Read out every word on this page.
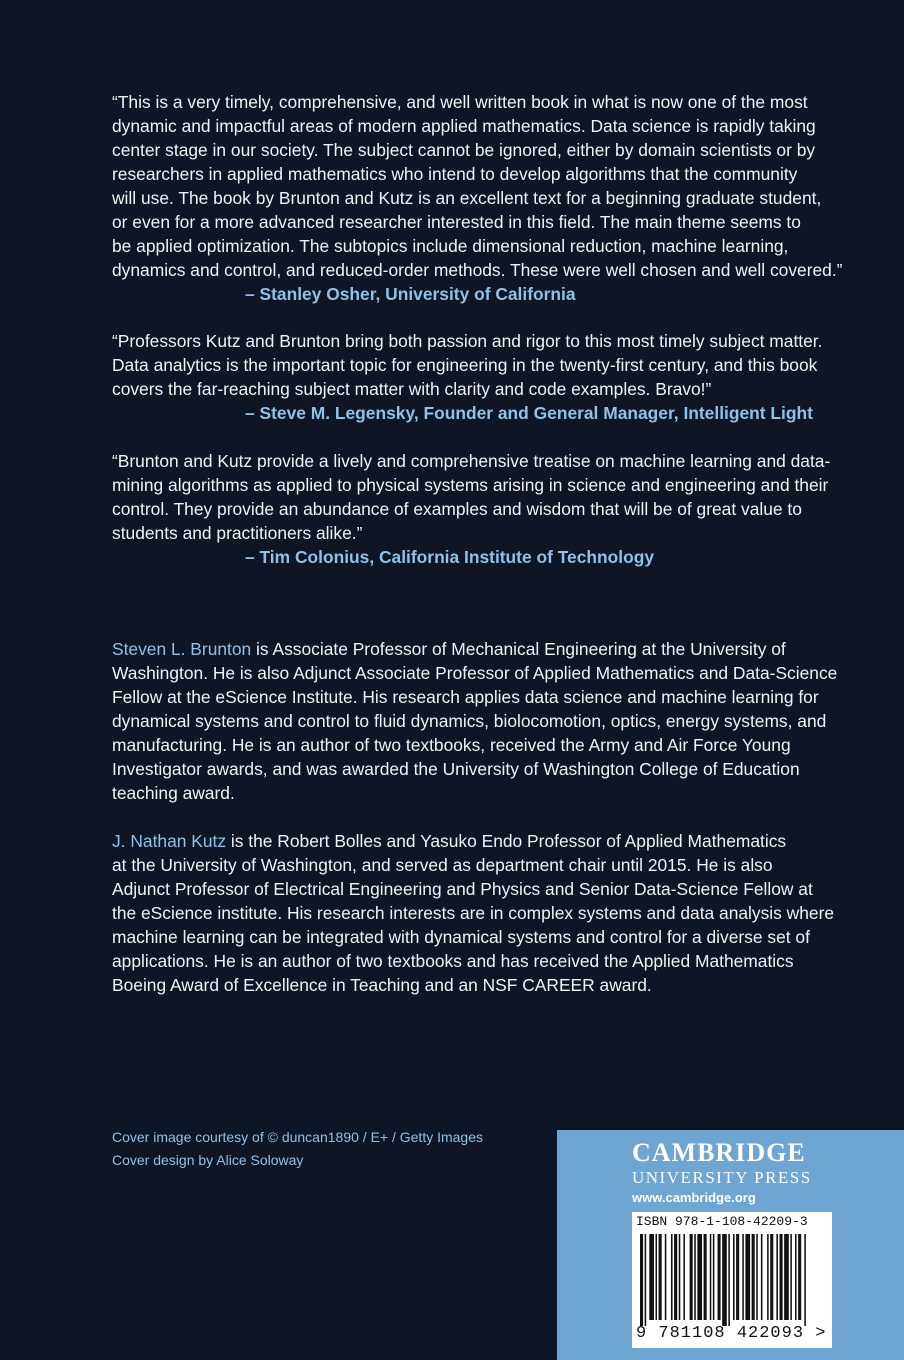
“This is a very timely, comprehensive, and well written book in what is now one of the most
dynamic and impactful areas of modern applied mathematics. Data science is rapidly taking
center stage in our society. The subject cannot be ignored, either by domain scientists or by
researchers in applied mathematics who intend to develop algorithms that the community
will use. The book by Brunton and Kutz is an excellent text for a beginning graduate student,
or even for a more advanced researcher interested in this field. The main theme seems to
be applied optimization. The subtopics include dimensional reduction, machine learning,
dynamics and control, and reduced-order methods. These were well chosen and well covered.”
– Stanley Osher, University of California
“Professors Kutz and Brunton bring both passion and rigor to this most timely subject matter.
Data analytics is the important topic for engineering in the twenty-first century, and this book
covers the far-reaching subject matter with clarity and code examples. Bravo!”
– Steve M. Legensky, Founder and General Manager, Intelligent Light
“Brunton and Kutz provide a lively and comprehensive treatise on machine learning and data-
mining algorithms as applied to physical systems arising in science and engineering and their
control. They provide an abundance of examples and wisdom that will be of great value to
students and practitioners alike.”
– Tim Colonius, California Institute of Technology
Steven L. Brunton is Associate Professor of Mechanical Engineering at the University of
Washington. He is also Adjunct Associate Professor of Applied Mathematics and Data-Science
Fellow at the eScience Institute. His research applies data science and machine learning for
dynamical systems and control to fluid dynamics, biolocomotion, optics, energy systems, and
manufacturing. He is an author of two textbooks, received the Army and Air Force Young
Investigator awards, and was awarded the University of Washington College of Education
teaching award.
J. Nathan Kutz is the Robert Bolles and Yasuko Endo Professor of Applied Mathematics
at the University of Washington, and served as department chair until 2015. He is also
Adjunct Professor of Electrical Engineering and Physics and Senior Data-Science Fellow at
the eScience institute. His research interests are in complex systems and data analysis where
machine learning can be integrated with dynamical systems and control for a diverse set of
applications. He is an author of two textbooks and has received the Applied Mathematics
Boeing Award of Excellence in Teaching and an NSF CAREER award.
Cover image courtesy of © duncan1890 / E+ / Getty Images
Cover design by Alice Soloway	CAMBRIDGE
UNIVERSITY PRESS
www.cambridge.org
ISBN 978-1-108-42209-3
9 781108 422093 >
